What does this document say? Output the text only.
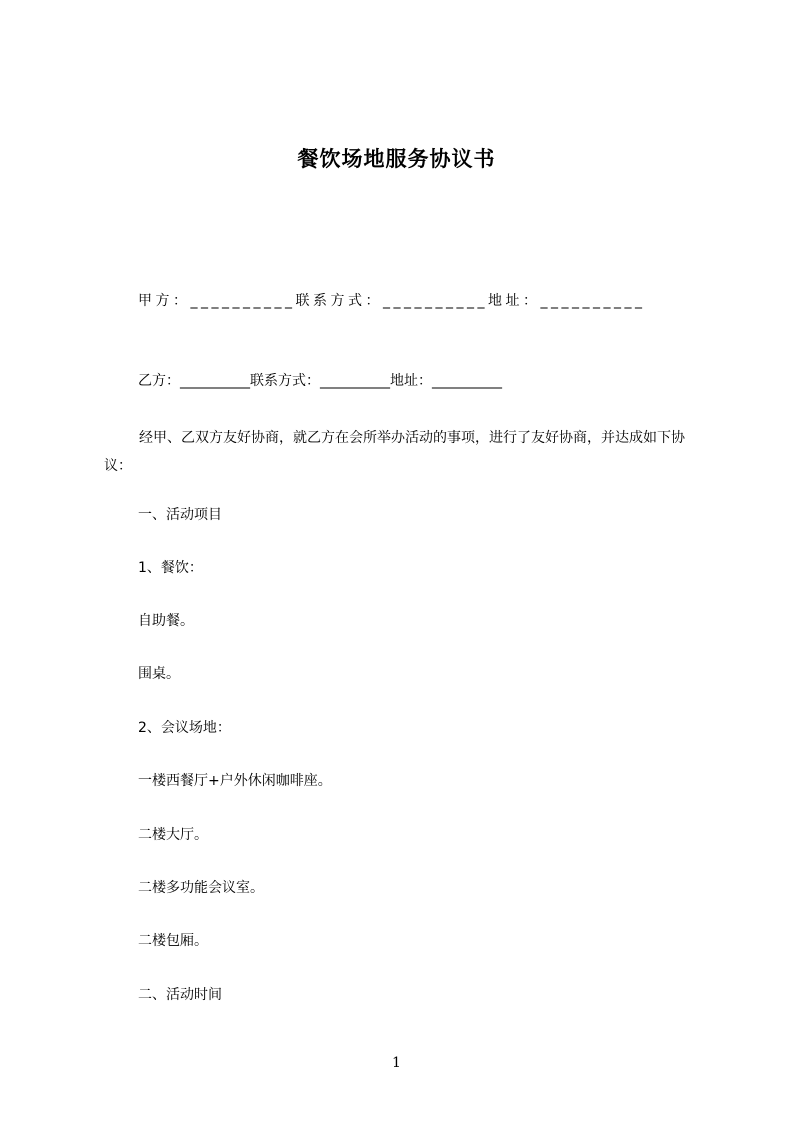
餐饮场地服务协议书
甲方：__________联系方式：__________地址：__________
乙方：__________联系方式：__________地址：__________
经甲、乙双方友好协商，就乙方在会所举办活动的事项，进行了友好协商，并达成如下协议：
一、活动项目
1、餐饮：
自助餐。
围桌。
2、会议场地：
一楼西餐厅+户外休闲咖啡座。
二楼大厅。
二楼多功能会议室。
二楼包厢。
二、活动时间
1
